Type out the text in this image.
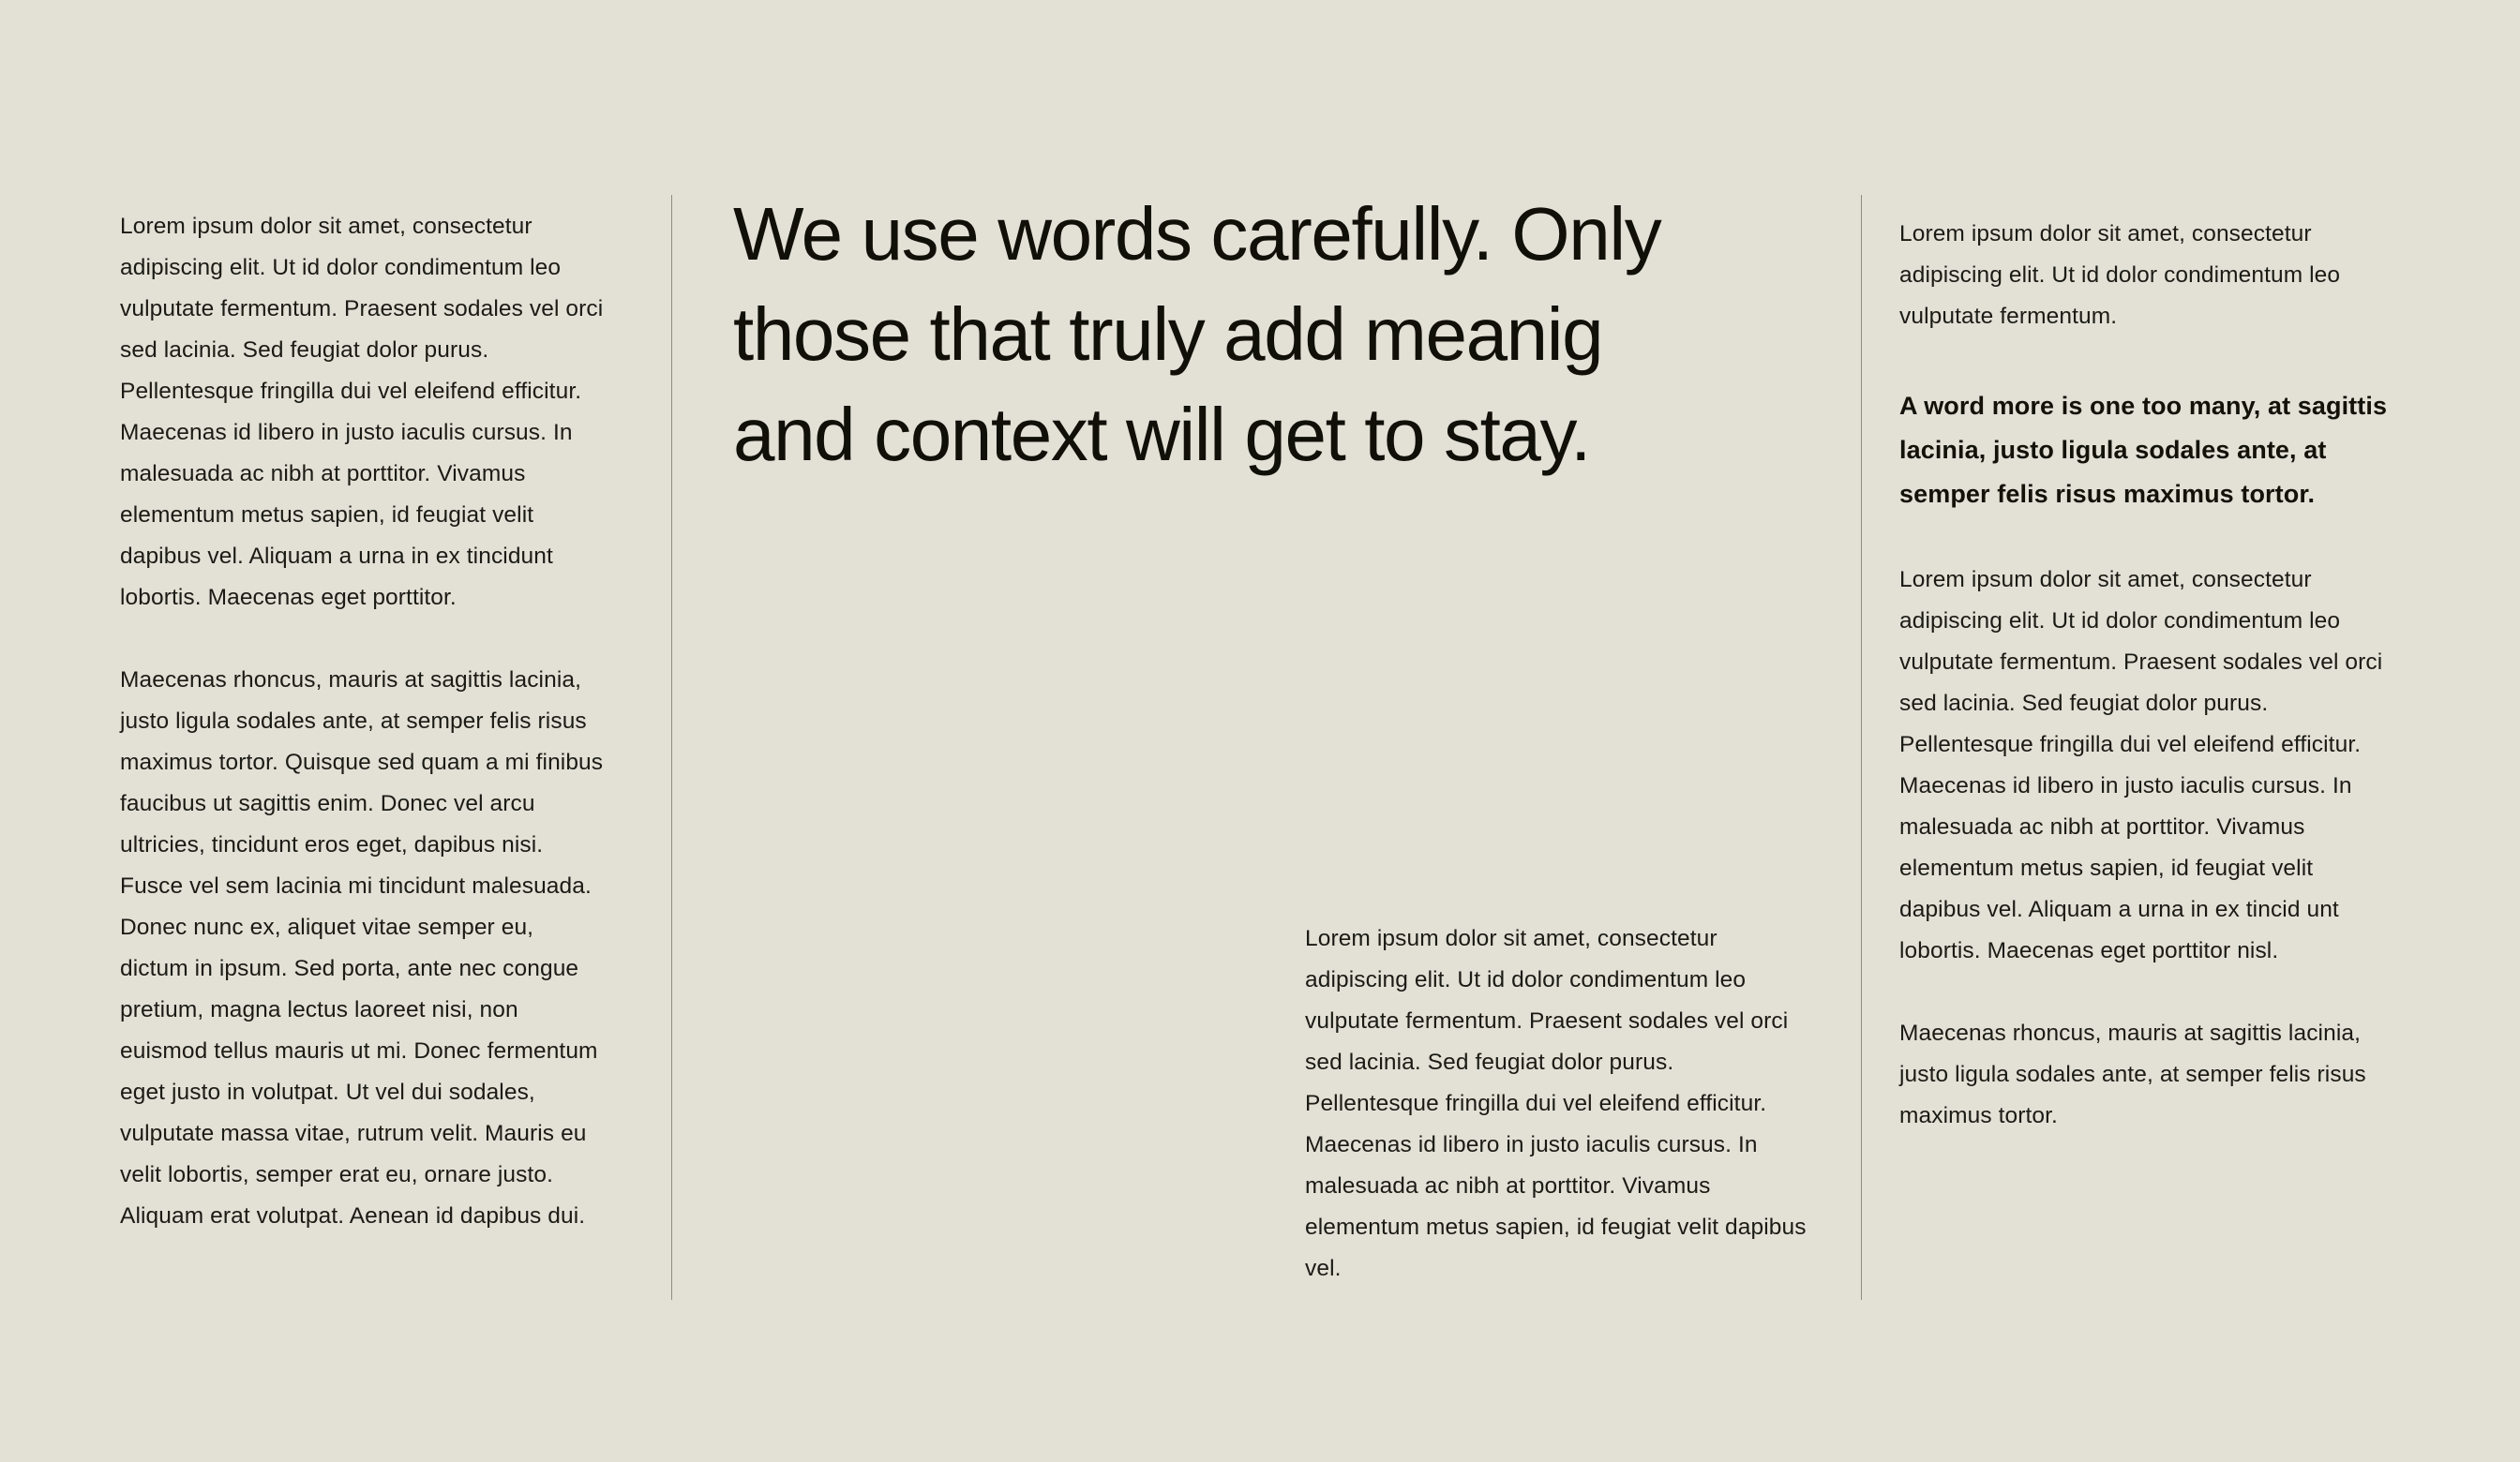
Lorem ipsum dolor sit amet, consectetur adipiscing elit. Ut id dolor condimentum leo vulputate fermentum. Praesent sodales vel orci sed lacinia. Sed feugiat dolor purus. Pellentesque fringilla dui vel eleifend efficitur. Maecenas id libero in justo iaculis cursus. In malesuada ac nibh at porttitor. Vivamus elementum metus sapien, id feugiat velit dapibus vel. Aliquam a urna in ex tincidunt lobortis. Maecenas eget porttitor.

Maecenas rhoncus, mauris at sagittis lacinia, justo ligula sodales ante, at semper felis risus maximus tortor. Quisque sed quam a mi finibus faucibus ut sagittis enim. Donec vel arcu ultricies, tincidunt eros eget, dapibus nisi. Fusce vel sem lacinia mi tincidunt malesuada. Donec nunc ex, aliquet vitae semper eu, dictum in ipsum. Sed porta, ante nec congue pretium, magna lectus laoreet nisi, non euismod tellus mauris ut mi. Donec fermentum eget justo in volutpat. Ut vel dui sodales, vulputate massa vitae, rutrum velit. Mauris eu velit lobortis, semper erat eu, ornare justo. Aliquam erat volutpat. Aenean id dapibus dui.

We use words carefully. Only those that truly add meanig and context will get to stay.

Lorem ipsum dolor sit amet, consectetur adipiscing elit. Ut id dolor condimentum leo vulputate fermentum. Praesent sodales vel orci sed lacinia. Sed feugiat dolor purus. Pellentesque fringilla dui vel eleifend efficitur. Maecenas id libero in justo iaculis cursus. In malesuada ac nibh at porttitor. Vivamus elementum metus sapien, id feugiat velit dapibus vel.

Lorem ipsum dolor sit amet, consectetur adipiscing elit. Ut id dolor condimentum leo vulputate fermentum.

A word more is one too many, at sagittis lacinia, justo ligula sodales ante, at semper felis risus maximus tortor.

Lorem ipsum dolor sit amet, consectetur adipiscing elit. Ut id dolor condimentum leo vulputate fermentum. Praesent sodales vel orci sed lacinia. Sed feugiat dolor purus. Pellentesque fringilla dui vel eleifend efficitur. Maecenas id libero in justo iaculis cursus. In malesuada ac nibh at porttitor. Vivamus elementum metus sapien, id feugiat velit dapibus vel. Aliquam a urna in ex tincid unt lobortis. Maecenas eget porttitor nisl.

Maecenas rhoncus, mauris at sagittis lacinia, justo ligula sodales ante, at semper felis risus maximus tortor.
